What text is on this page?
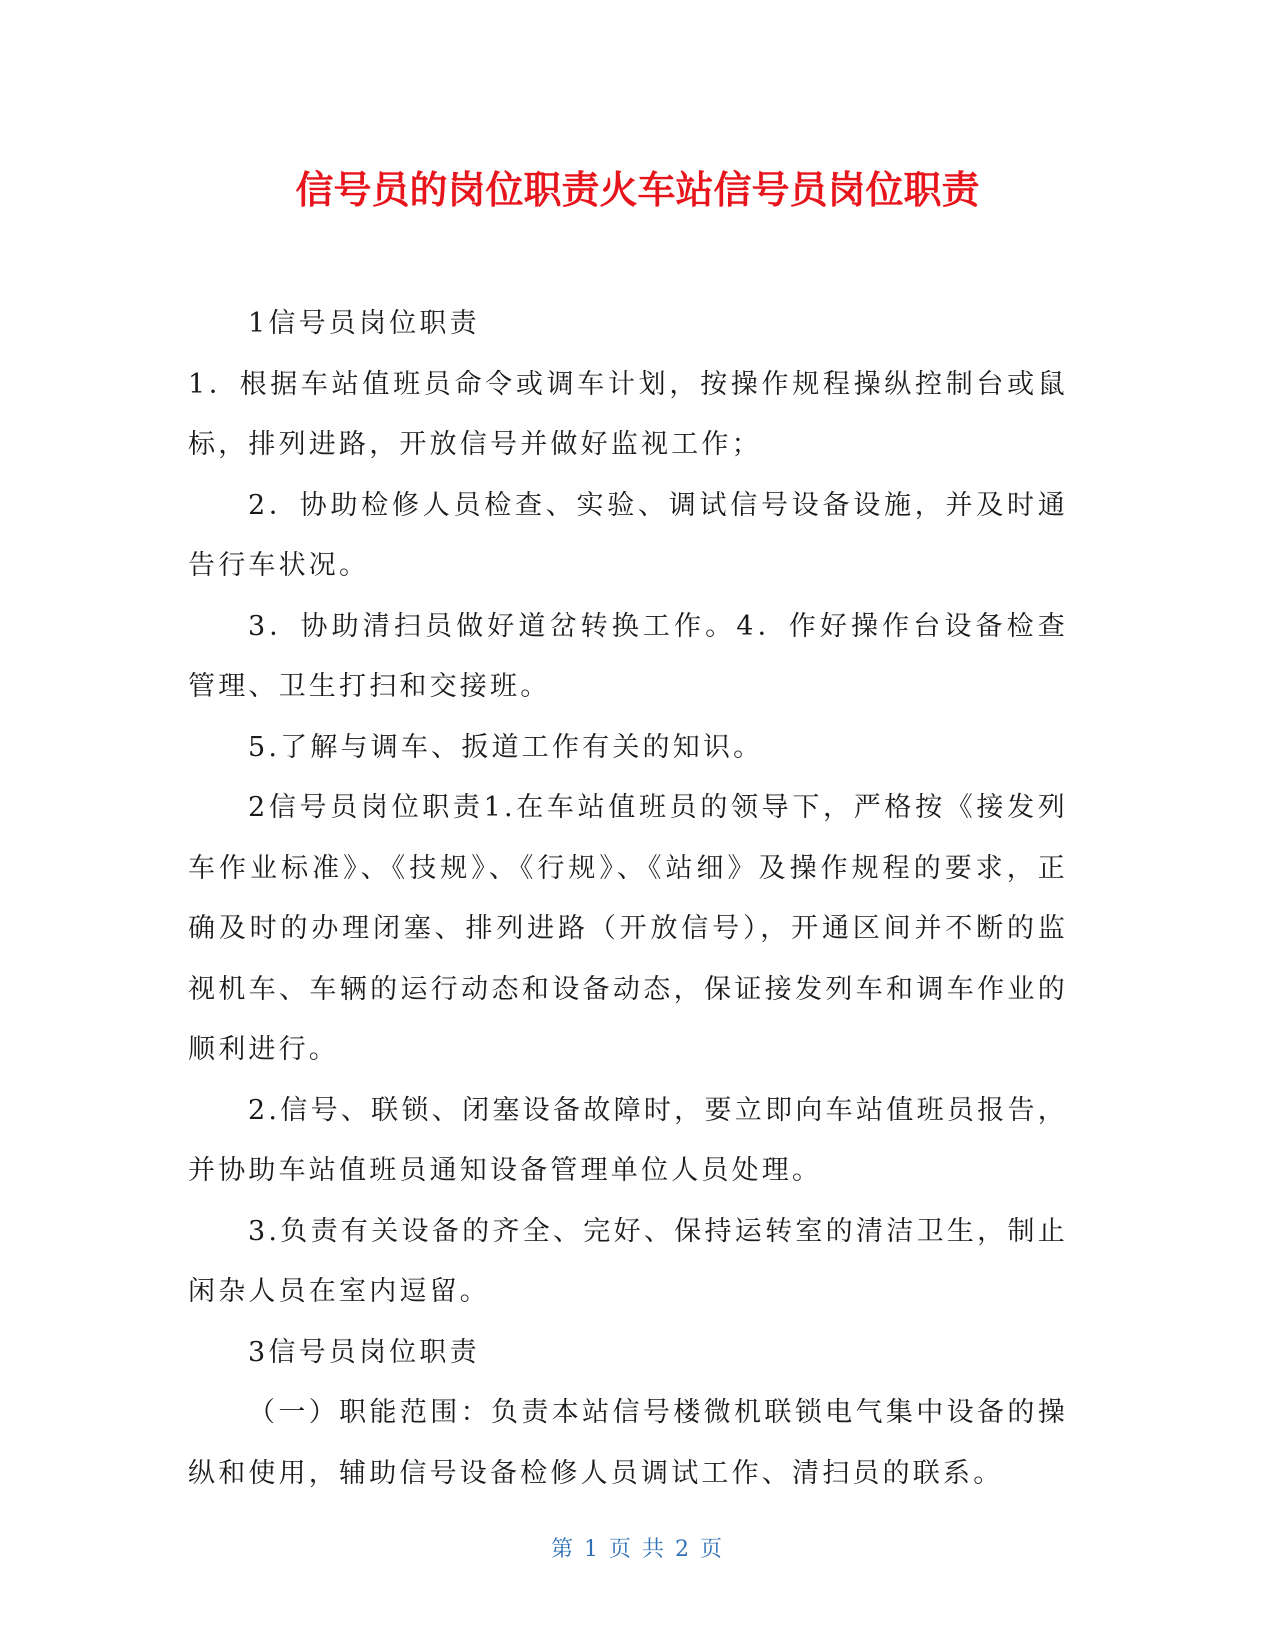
信号员的岗位职责火车站信号员岗位职责

1信号员岗位职责

1．根据车站值班员命令或调车计划，按操作规程操纵控制台或鼠标，排列进路，开放信号并做好监视工作；

2．协助检修人员检查、实验、调试信号设备设施，并及时通告行车状况。

3．协助清扫员做好道岔转换工作。4．作好操作台设备检查管理、卫生打扫和交接班。

5.了解与调车、扳道工作有关的知识。

2信号员岗位职责1.在车站值班员的领导下，严格按《接发列车作业标准》、《技规》、《行规》、《站细》及操作规程的要求，正确及时的办理闭塞、排列进路（开放信号），开通区间并不断的监视机车、车辆的运行动态和设备动态，保证接发列车和调车作业的顺利进行。

2.信号、联锁、闭塞设备故障时，要立即向车站值班员报告，并协助车站值班员通知设备管理单位人员处理。

3.负责有关设备的齐全、完好、保持运转室的清洁卫生，制止闲杂人员在室内逗留。

3信号员岗位职责

（一）职能范围：负责本站信号楼微机联锁电气集中设备的操纵和使用，辅助信号设备检修人员调试工作、清扫员的联系。

第 1 页 共 2 页
